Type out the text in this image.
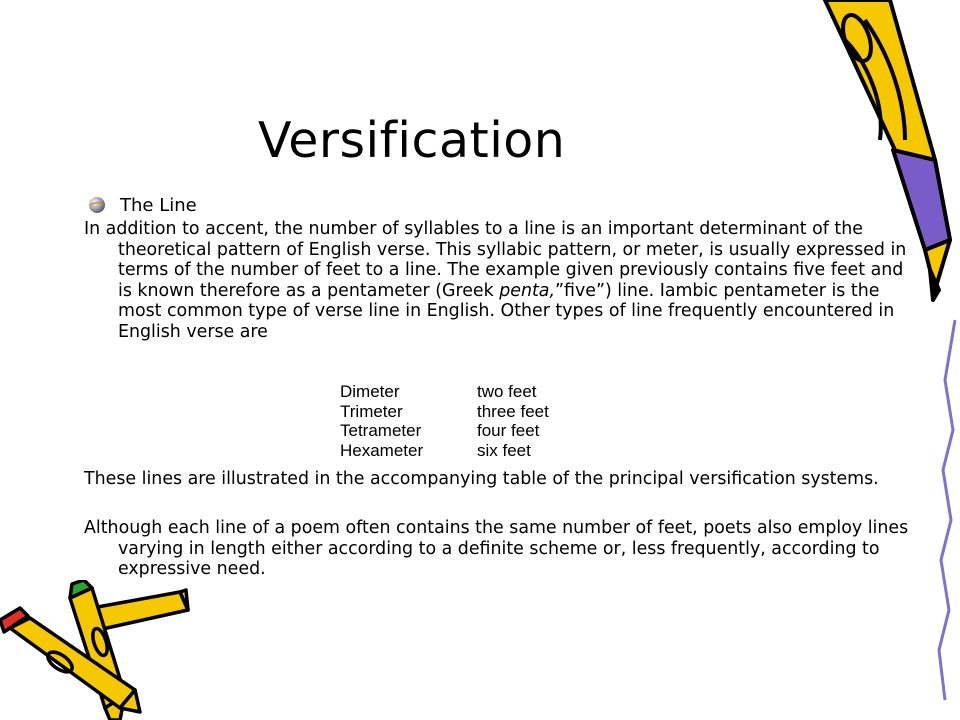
Versification
The Line

In addition to accent, the number of syllables to a line is an important determinant of the theoretical pattern of English verse. This syllabic pattern, or meter, is usually expressed in terms of the number of feet to a line. The example given previously contains five feet and is known therefore as a pentameter (Greek penta,”five”) line. Iambic pentameter is the most common type of verse line in English. Other types of line frequently encountered in English verse are

Dimeter	two feet
Trimeter	three feet
Tetrameter	four feet
Hexameter	six feet

These lines are illustrated in the accompanying table of the principal versification systems.

Although each line of a poem often contains the same number of feet, poets also employ lines varying in length either according to a definite scheme or, less frequently, according to expressive need.
